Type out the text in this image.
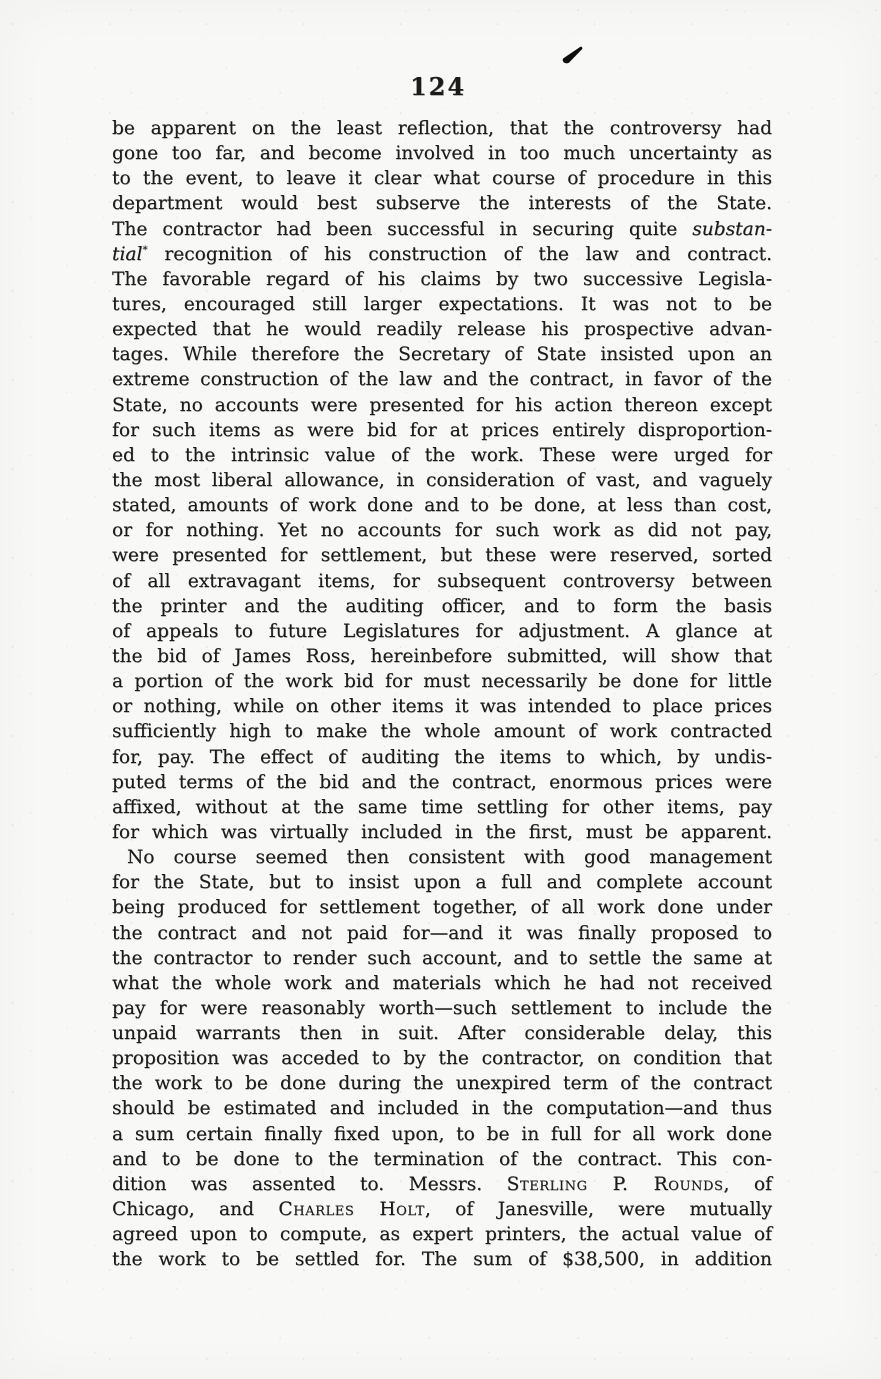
124
be apparent on the least reflection, that the controversy had
gone too far, and become involved in too much uncertainty as
to the event, to leave it clear what course of procedure in this
department would best subserve the interests of the State.
The contractor had been successful in securing quite substan-
tial* recognition of his construction of the law and contract.
The favorable regard of his claims by two successive Legisla-
tures, encouraged still larger expectations. It was not to be
expected that he would readily release his prospective advan-
tages. While therefore the Secretary of State insisted upon an
extreme construction of the law and the contract, in favor of the
State, no accounts were presented for his action thereon except
for such items as were bid for at prices entirely disproportion-
ed to the intrinsic value of the work. These were urged for
the most liberal allowance, in consideration of vast, and vaguely
stated, amounts of work done and to be done, at less than cost,
or for nothing. Yet no accounts for such work as did not pay,
were presented for settlement, but these were reserved, sorted
of all extravagant items, for subsequent controversy between
the printer and the auditing officer, and to form the basis
of appeals to future Legislatures for adjustment. A glance at
the bid of James Ross, hereinbefore submitted, will show that
a portion of the work bid for must necessarily be done for little
or nothing, while on other items it was intended to place prices
sufficiently high to make the whole amount of work contracted
for, pay. The effect of auditing the items to which, by undis-
puted terms of the bid and the contract, enormous prices were
affixed, without at the same time settling for other items, pay
for which was virtually included in the first, must be apparent.
No course seemed then consistent with good management
for the State, but to insist upon a full and complete account
being produced for settlement together, of all work done under
the contract and not paid for—and it was finally proposed to
the contractor to render such account, and to settle the same at
what the whole work and materials which he had not received
pay for were reasonably worth—such settlement to include the
unpaid warrants then in suit. After considerable delay, this
proposition was acceded to by the contractor, on condition that
the work to be done during the unexpired term of the contract
should be estimated and included in the computation—and thus
a sum certain finally fixed upon, to be in full for all work done
and to be done to the termination of the contract. This con-
dition was assented to. Messrs. Sterling P. Rounds, of
Chicago, and Charles Holt, of Janesville, were mutually
agreed upon to compute, as expert printers, the actual value of
the work to be settled for. The sum of $38,500, in addition
